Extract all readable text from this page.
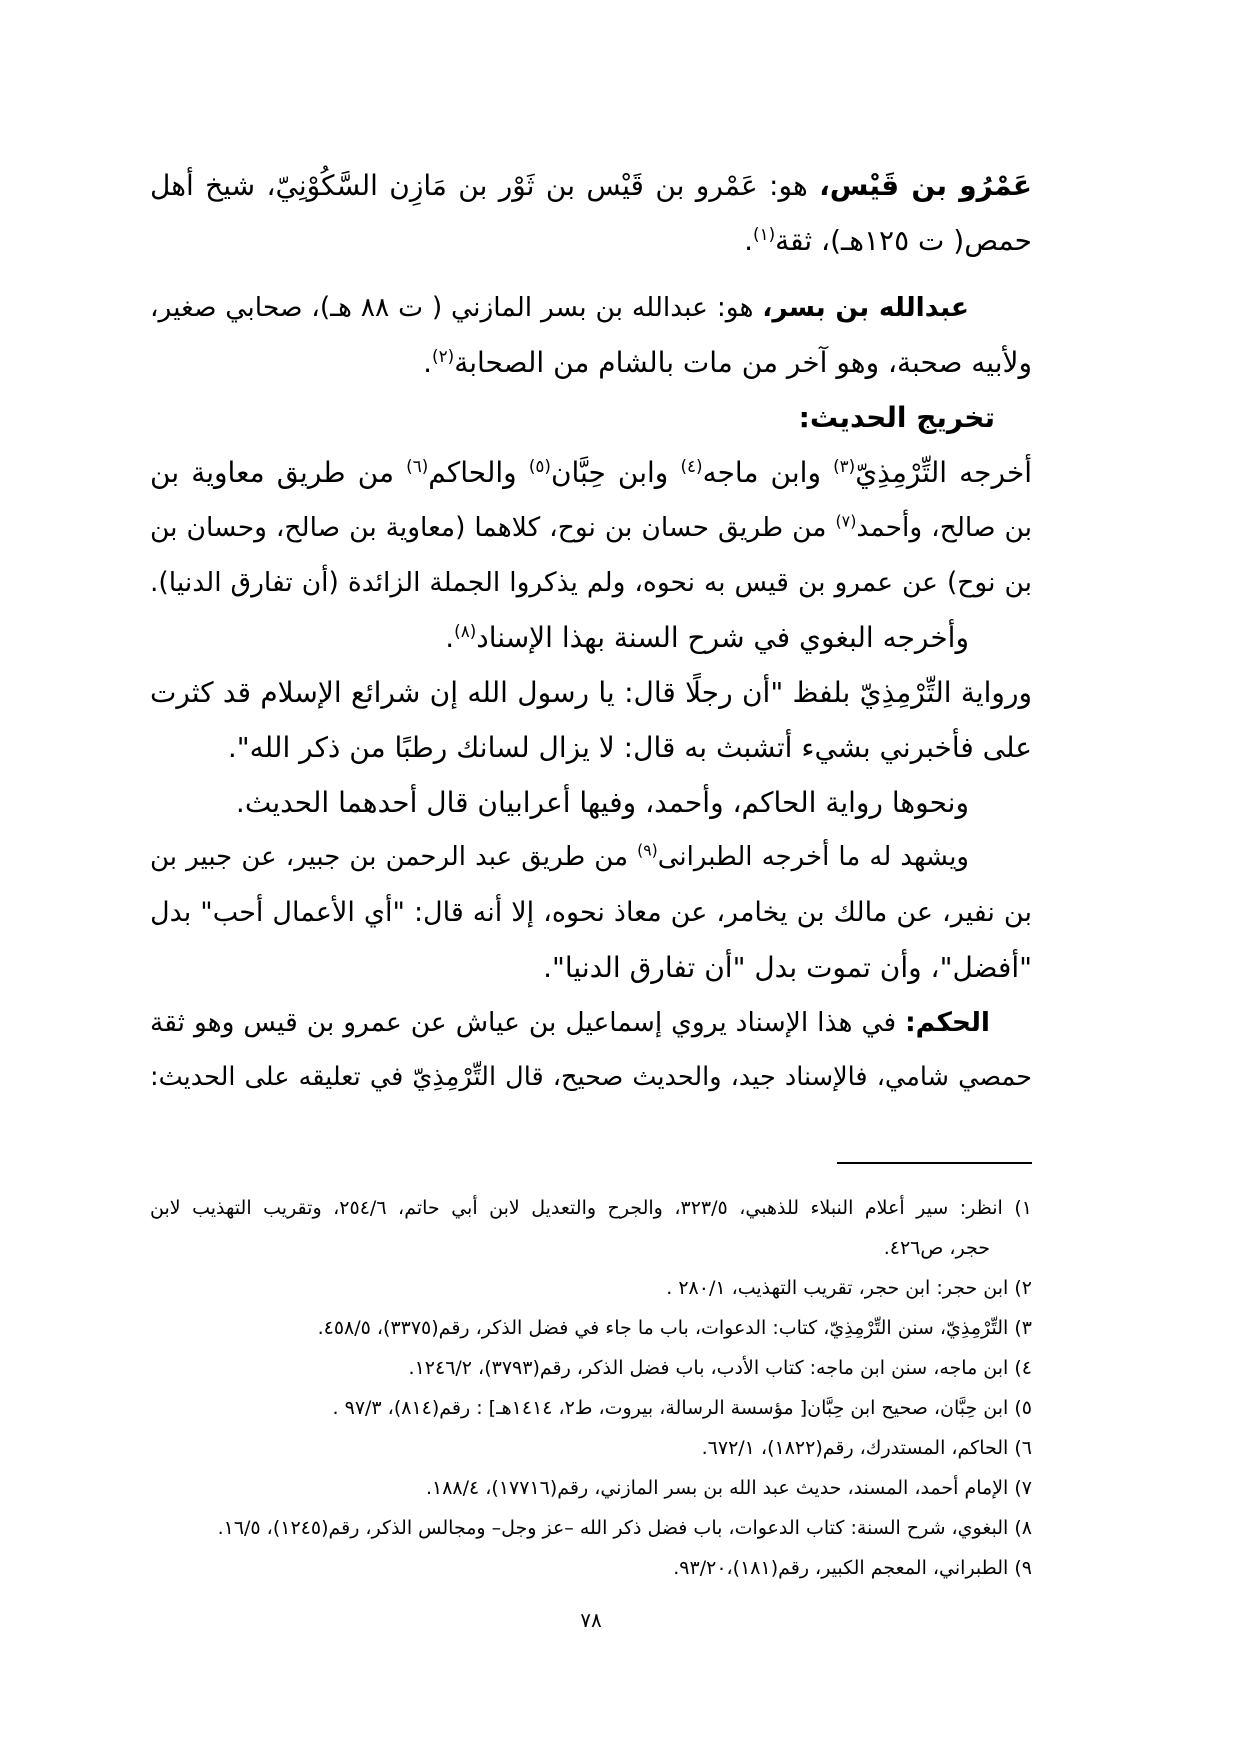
عَمْرُو بن قَيْس، هو: عَمْرو بن قَيْس بن ثَوْر بن مَازِن السَّكُوْنِيّ، شيخ أهل
حمص( ت ١٢٥هـ)، ثقة$^{(١)}$.
عبدالله بن بسر، هو: عبدالله بن بسر المازني ( ت ٨٨ هـ)، صحابي صغير،
ولأبيه صحبة، وهو آخر من مات بالشام من الصحابة$^{(٢)}$.
تخريج الحديث:
أخرجه التِّرْمِذِيّ$^{(٣)}$ وابن ماجه$^{(٤)}$ وابن حِبَّان$^{(٥)}$ والحاكم$^{(٦)}$ من طريق معاوية بن
بن صالح، وأحمد$^{(٧)}$ من طريق حسان بن نوح، كلاهما (معاوية بن صالح، وحسان بن
بن نوح) عن عمرو بن قيس به نحوه، ولم يذكروا الجملة الزائدة (أن تفارق الدنيا).
وأخرجه البغوي في شرح السنة بهذا الإسناد$^{(٨)}$.
ورواية التِّرْمِذِيّ بلفظ "أن رجلًا قال: يا رسول الله إن شرائع الإسلام قد كثرت
على فأخبرني بشيء أتشبث به قال: لا يزال لسانك رطبًا من ذكر الله".
ونحوها رواية الحاكم، وأحمد، وفيها أعرابيان قال أحدهما الحديث.
ويشهد له ما أخرجه الطبرانى$^{(٩)}$ من طريق عبد الرحمن بن جبير، عن جبير بن
بن نفير، عن مالك بن يخامر، عن معاذ نحوه، إلا أنه قال: "أي الأعمال أحب" بدل
"أفضل"، وأن تموت بدل "أن تفارق الدنيا".
الحكم: في هذا الإسناد يروي إسماعيل بن عياش عن عمرو بن قيس وهو ثقة
حمصي شامي، فالإسناد جيد، والحديث صحيح، قال التِّرْمِذِيّ في تعليقه على الحديث:
١) انظر: سير أعلام النبلاء للذهبي، ٣٢٣/٥، والجرح والتعديل لابن أبي حاتم، ٢٥٤/٦، وتقريب التهذيب لابن
حجر، ص٤٢٦.
٢) ابن حجر: ابن حجر، تقريب التهذيب، ٢٨٠/١ .
٣) التِّرْمِذِيّ، سنن التِّرْمِذِيّ، كتاب: الدعوات، باب ما جاء في فضل الذكر، رقم(٣٣٧٥)، ٤٥٨/٥.
٤) ابن ماجه، سنن ابن ماجه: كتاب الأدب، باب فضل الذكر، رقم(٣٧٩٣)، ١٢٤٦/٢.
٥) ابن حِبَّان، صحيح ابن حِبَّان[ مؤسسة الرسالة، بيروت، ط٢، ١٤١٤هـ] : رقم(٨١٤)، ٩٧/٣ .
٦) الحاكم، المستدرك، رقم(١٨٢٢)، ٦٧٢/١.
٧) الإمام أحمد، المسند، حديث عبد الله بن بسر المازني، رقم(١٧٧١٦)، ١٨٨/٤.
٨) البغوي، شرح السنة: كتاب الدعوات، باب فضل ذكر الله –عز وجل– ومجالس الذكر، رقم(١٢٤٥)، ١٦/٥.
٩) الطبراني، المعجم الكبير، رقم(١٨١)،٩٣/٢٠.
٧٨
